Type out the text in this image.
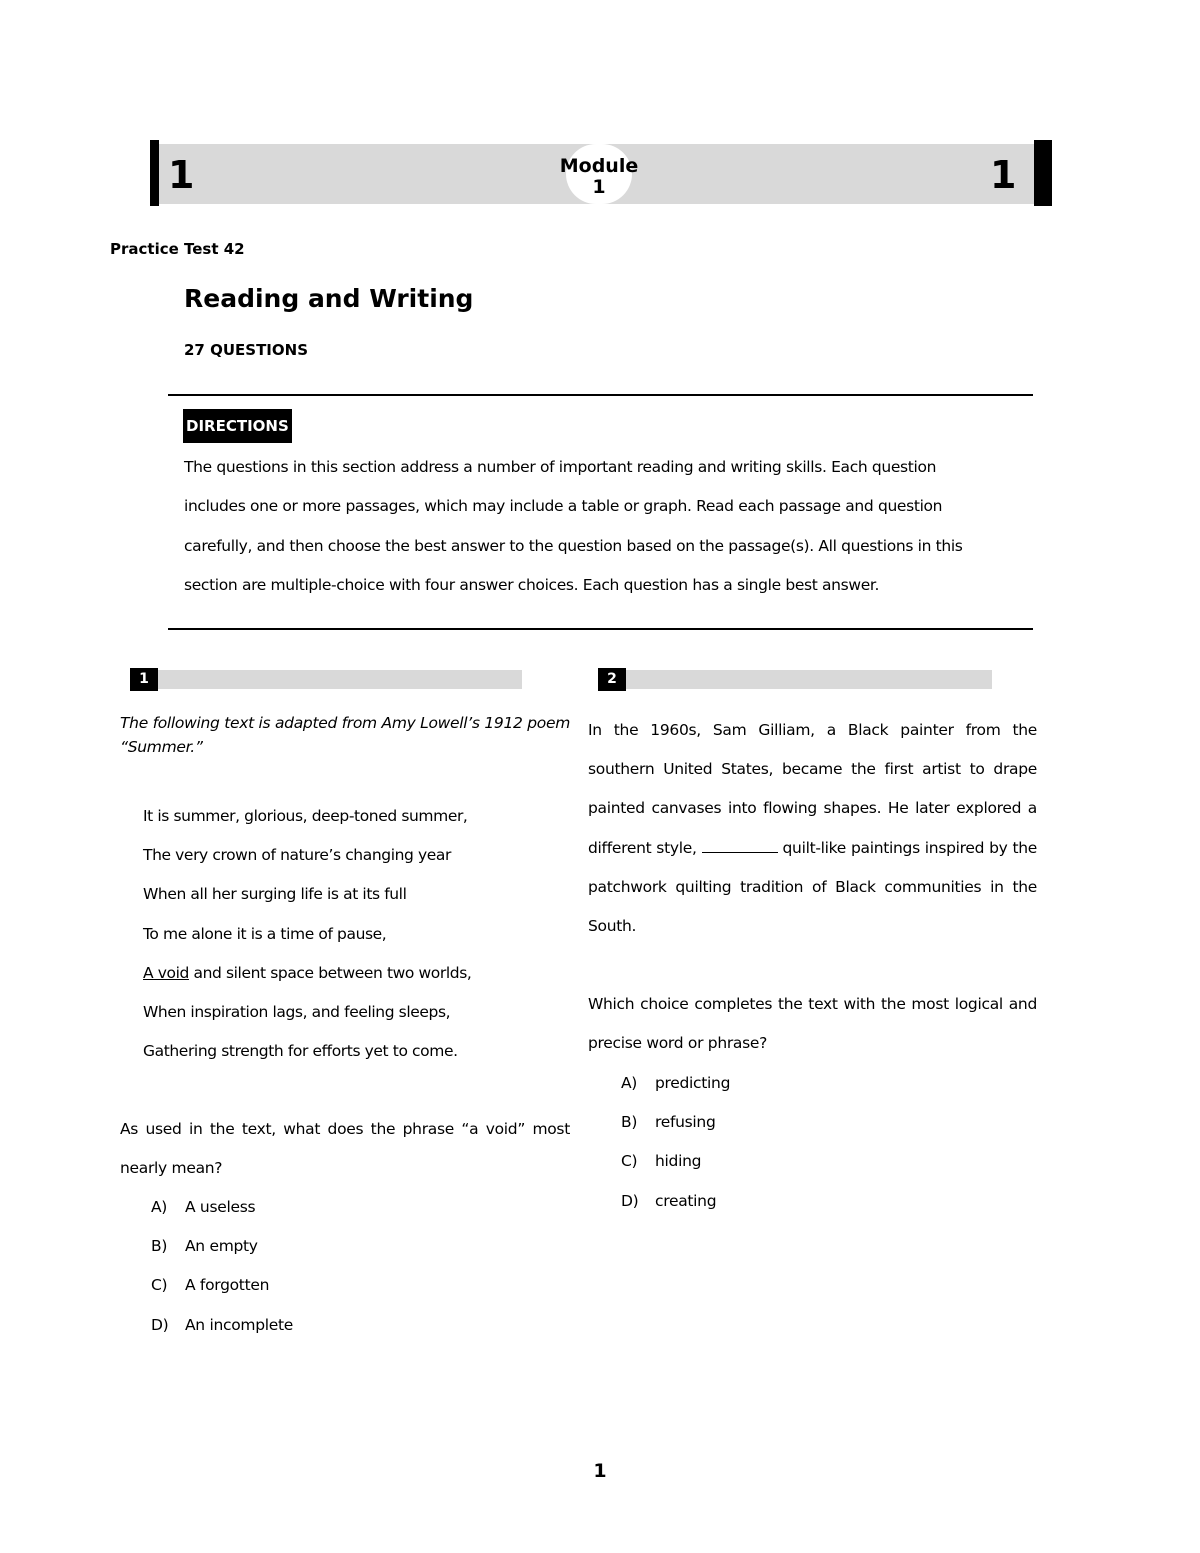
1	1
Module
1
Practice Test 42
Reading and Writing
27 QUESTIONS
DIRECTIONS
The questions in this section address a number of important reading and writing skills. Each question includes one or more passages, which may include a table or graph. Read each passage and question carefully, and then choose the best answer to the question based on the passage(s). All questions in this section are multiple-choice with four answer choices. Each question has a single best answer.
1
The following text is adapted from Amy Lowell’s 1912 poem “Summer.”
It is summer, glorious, deep-toned summer,
The very crown of nature’s changing year
When all her surging life is at its full
To me alone it is a time of pause,
A void and silent space between two worlds,
When inspiration lags, and feeling sleeps,
Gathering strength for efforts yet to come.
As used in the text, what does the phrase “a void” most nearly mean?
A)	A useless
B)	An empty
C)	A forgotten
D)	An incomplete
2
In the 1960s, Sam Gilliam, a Black painter from the southern United States, became the first artist to drape painted canvases into flowing shapes. He later explored a different style,	quilt-like paintings inspired by the patchwork quilting tradition of Black communities in the South.
Which choice completes the text with the most logical and precise word or phrase?
A)	predicting
B)	refusing
C)	hiding
D)	creating
1
